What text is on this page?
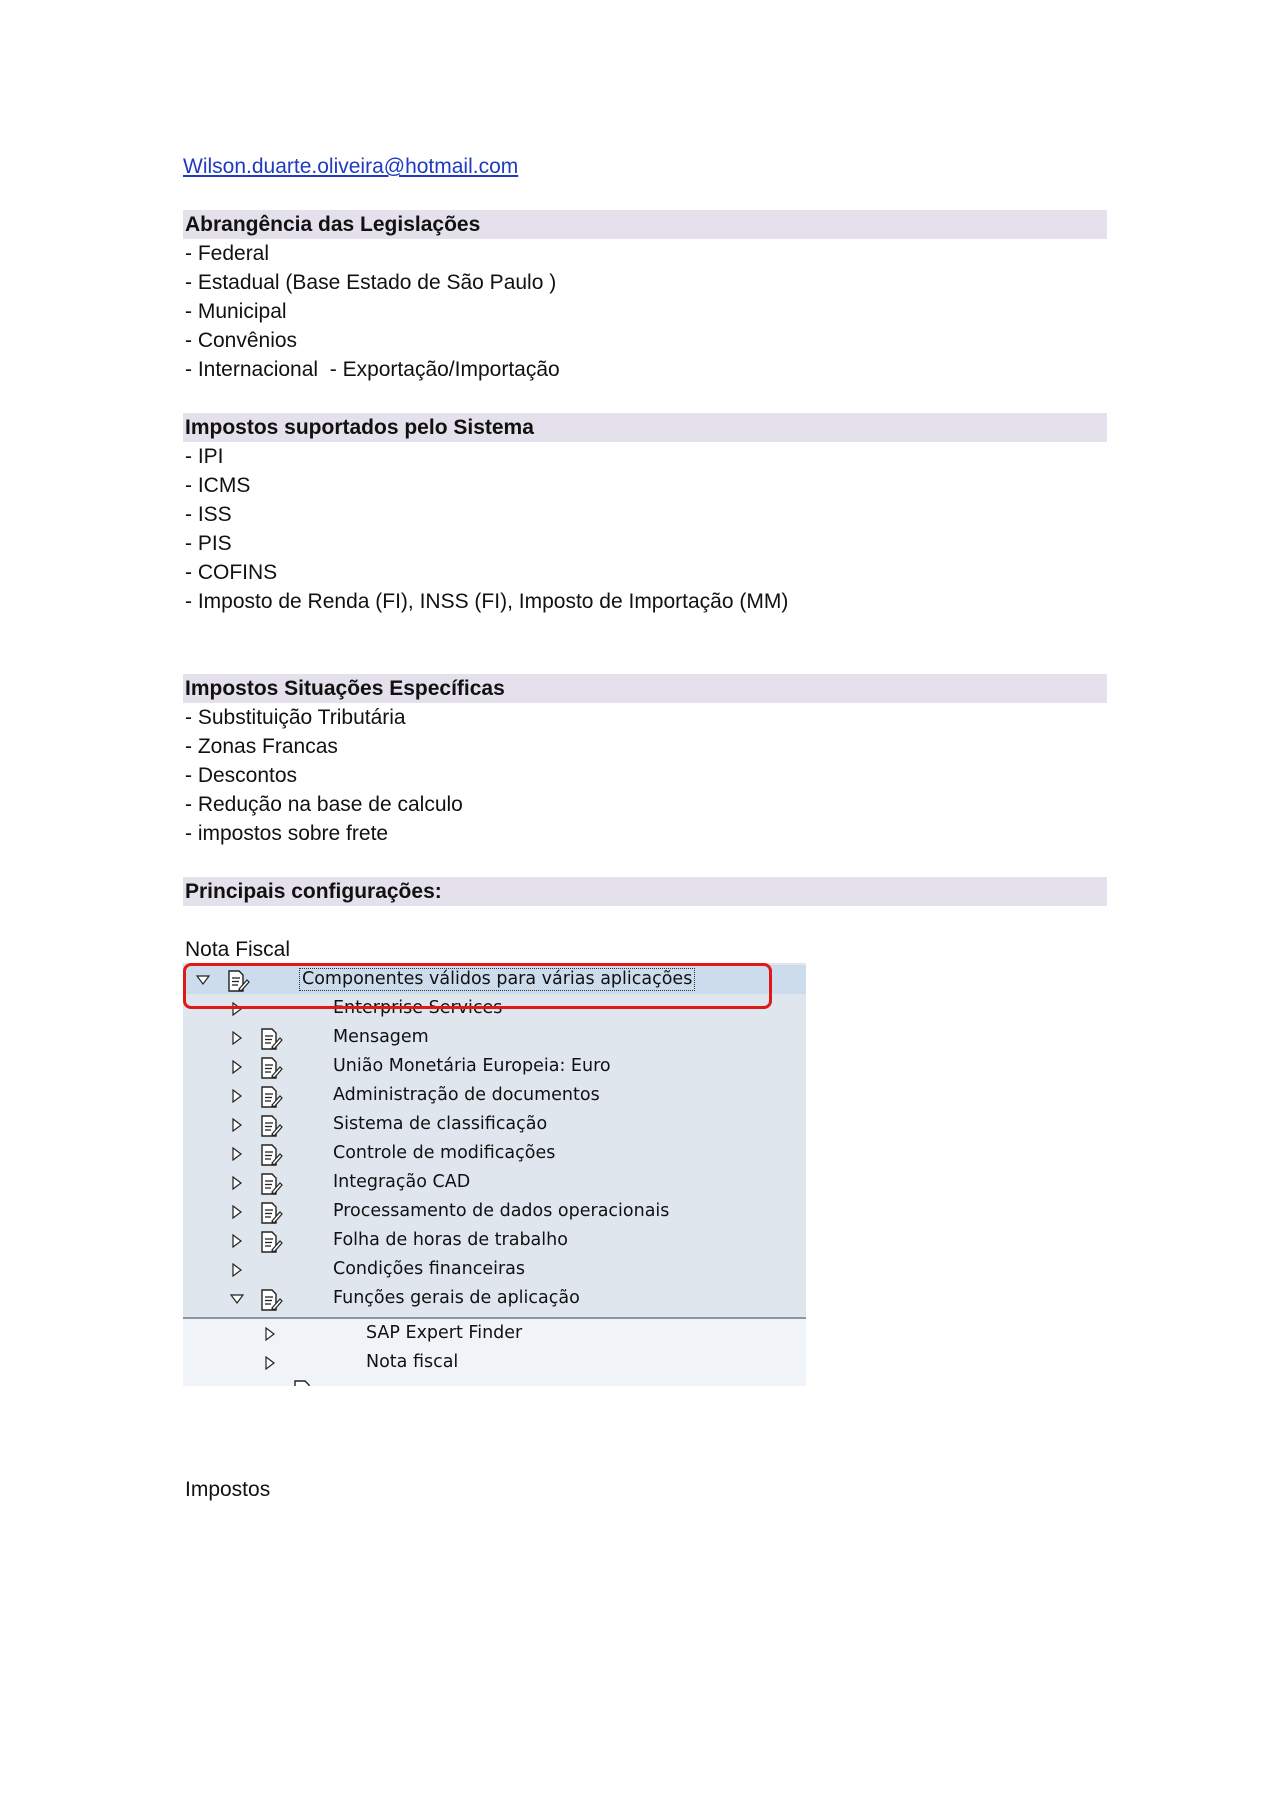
Wilson.duarte.oliveira@hotmail.com
Abrangência das Legislações
- Federal
- Estadual (Base Estado de São Paulo )
- Municipal
- Convênios
- Internacional  - Exportação/Importação
Impostos suportados pelo Sistema
- IPI
- ICMS
- ISS
- PIS
- COFINS
- Imposto de Renda (FI), INSS (FI), Imposto de Importação (MM)
Impostos Situações Específicas
- Substituição Tributária
- Zonas Francas
- Descontos
- Redução na base de calculo
- impostos sobre frete
Principais configurações:
Nota Fiscal
Componentes válidos para várias aplicações
Enterprise Services
Mensagem
União Monetária Europeia: Euro
Administração de documentos
Sistema de classificação
Controle de modificações
Integração CAD
Processamento de dados operacionais
Folha de horas de trabalho
Condições financeiras
Funções gerais de aplicação
SAP Expert Finder
Nota fiscal
Impostos
